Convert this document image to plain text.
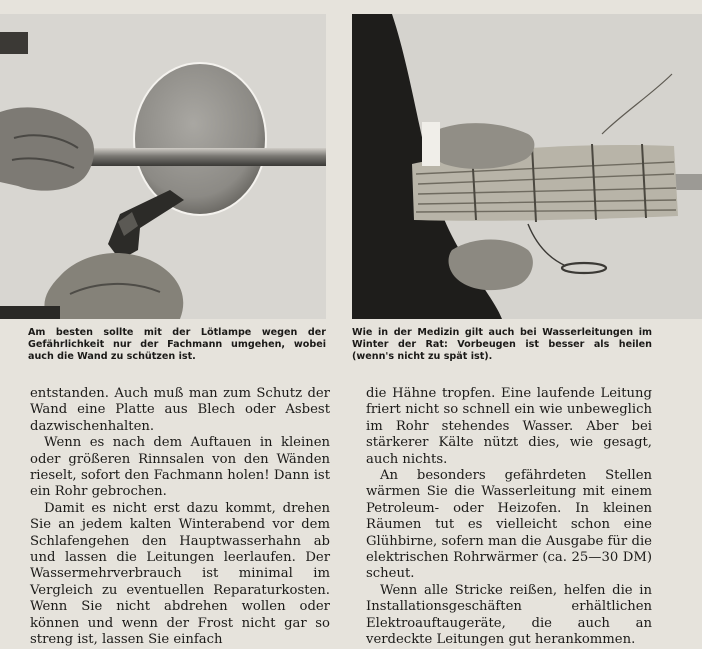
Am besten sollte mit der Lötlampe wegen der Gefährlichkeit nur der Fachmann umgehen, wobei auch die Wand zu schützen ist.
Wie in der Medizin gilt auch bei Wasserleitungen im Winter der Rat: Vorbeugen ist besser als heilen (wenn's nicht zu spät ist).

entstanden. Auch muß man zum Schutz der Wand eine Platte aus Blech oder Asbest dazwischenhalten.

Wenn es nach dem Auftauen in kleinen oder größeren Rinnsalen von den Wänden rieselt, sofort den Fachmann holen! Dann ist ein Rohr gebrochen.

Damit es nicht erst dazu kommt, drehen Sie an jedem kalten Winterabend vor dem Schlafengehen den Hauptwasserhahn ab und lassen die Leitungen leerlaufen. Der Wassermehrverbrauch ist minimal im Vergleich zu eventuellen Reparaturkosten. Wenn Sie nicht abdrehen wollen oder können und wenn der Frost nicht gar so streng ist, lassen Sie einfach

die Hähne tropfen. Eine laufende Leitung friert nicht so schnell ein wie unbeweglich im Rohr stehendes Wasser. Aber bei stärkerer Kälte nützt dies, wie gesagt, auch nichts.

An besonders gefährdeten Stellen wärmen Sie die Wasserleitung mit einem Petroleum- oder Heizofen. In kleinen Räumen tut es vielleicht schon eine Glühbirne, sofern man die Ausgabe für die elektrischen Rohrwärmer (ca. 25—30 DM) scheut.

Wenn alle Stricke reißen, helfen die in Installationsgeschäften erhältlichen Elektroauftaugeräte, die auch an verdeckte Leitungen gut herankommen.
